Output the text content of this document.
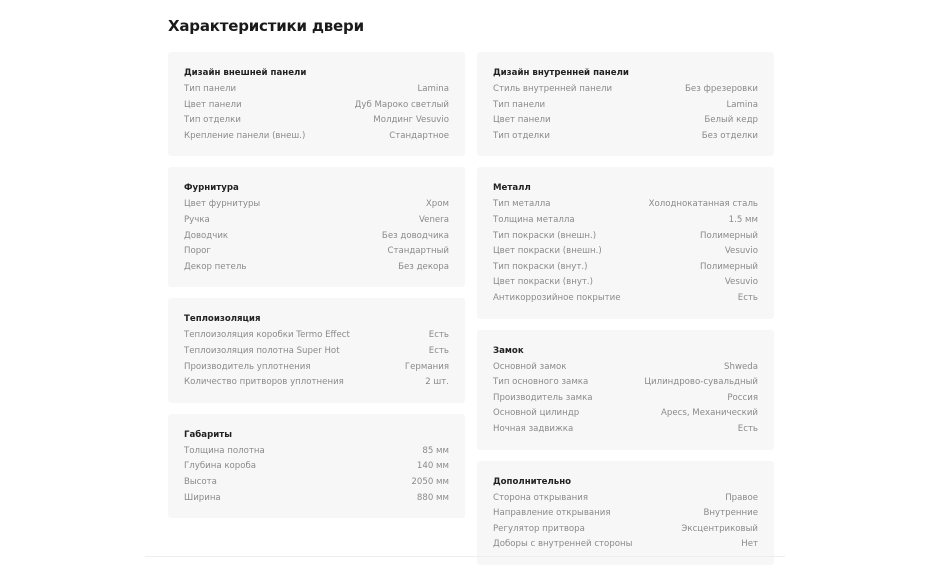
Характеристики двери
Дизайн внешней панели
Тип панели	Lamina
Цвет панели	Дуб Мароко светлый
Тип отделки	Молдинг Vesuvio
Крепление панели (внеш.)	Стандартное
Фурнитура
Цвет фурнитуры	Хром
Ручка	Venera
Доводчик	Без доводчика
Порог	Стандартный
Декор петель	Без декора
Теплоизоляция
Теплоизоляция коробки Termo Effect	Есть
Теплоизоляция полотна Super Hot	Есть
Производитель уплотнения	Германия
Количество притворов уплотнения	2 шт.
Габариты
Толщина полотна	85 мм
Глубина короба	140 мм
Высота	2050 мм
Ширина	880 мм
Дизайн внутренней панели
Стиль внутренней панели	Без фрезеровки
Тип панели	Lamina
Цвет панели	Белый кедр
Тип отделки	Без отделки
Металл
Тип металла	Холоднокатанная сталь
Толщина металла	1.5 мм
Тип покраски (внешн.)	Полимерный
Цвет покраски (внешн.)	Vesuvio
Тип покраски (внут.)	Полимерный
Цвет покраски (внут.)	Vesuvio
Антикоррозийное покрытие	Есть
Замок
Основной замок	Shweda
Тип основного замка	Цилиндрово-сувальдный
Производитель замка	Россия
Основной цилиндр	Apecs, Механический
Ночная задвижка	Есть
Дополнительно
Сторона открывания	Правое
Направление открывания	Внутренние
Регулятор притвора	Эксцентриковый
Доборы с внутренней стороны	Нет
